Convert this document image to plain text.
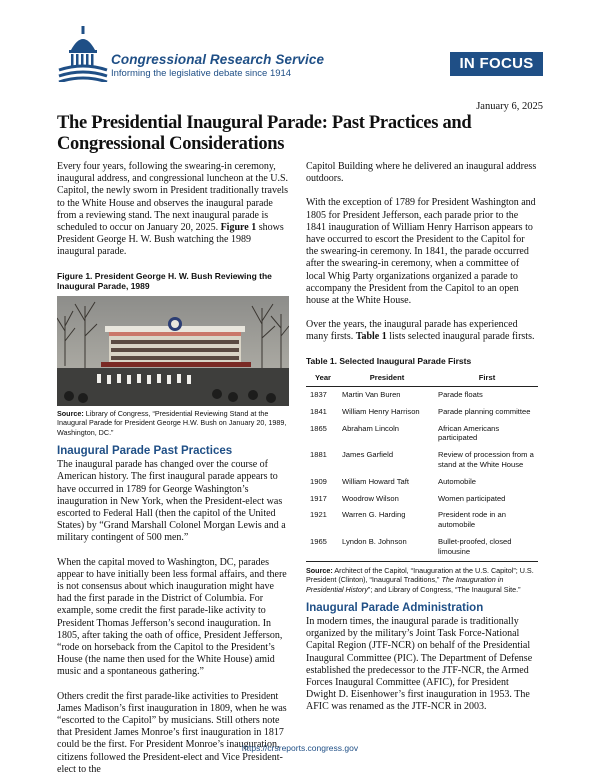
Congressional Research Service
Informing the legislative debate since 1914
IN FOCUS
January 6, 2025
The Presidential Inaugural Parade: Past Practices and Congressional Considerations

Every four years, following the swearing-in ceremony, inaugural address, and congressional luncheon at the U.S. Capitol, the newly sworn in President traditionally travels to the White House and observes the inaugural parade from a reviewing stand. The next inaugural parade is scheduled to occur on January 20, 2025. Figure 1 shows President George H. W. Bush watching the 1989 inaugural parade.

Figure 1. President George H. W. Bush Reviewing the Inaugural Parade, 1989
Source: Library of Congress, “Presidential Reviewing Stand at the Inaugural Parade for President George H.W. Bush on January 20, 1989, Washington, DC.”
Inaugural Parade Past Practices

The inaugural parade has changed over the course of American history. The first inaugural parade appears to have occurred in 1789 for George Washington’s inauguration in New York, when the President-elect was escorted to Federal Hall (then the capitol of the United States) by “Grand Marshall Colonel Morgan Lewis and a military contingent of 500 men.”

When the capital moved to Washington, DC, parades appear to have initially been less formal affairs, and there is not consensus about which inauguration might have had the first parade in the District of Columbia. For example, some credit the first parade-like activity to President Thomas Jefferson’s second inauguration. In 1805, after taking the oath of office, President Jefferson, “rode on horseback from the Capitol to the President’s House (the name then used for the White House) amid music and a spontaneous gathering.”

Others credit the first parade-like activities to President James Madison’s first inauguration in 1809, when he was “escorted to the Capitol” by musicians. Still others note that President James Monroe’s first inauguration in 1817 could be the first. For President Monroe’s inauguration, citizens followed the President-elect and Vice President-elect to the

Capitol Building where he delivered an inaugural address outdoors.

With the exception of 1789 for President Washington and 1805 for President Jefferson, each parade prior to the 1841 inauguration of William Henry Harrison appears to have occurred to escort the President to the Capitol for the swearing-in ceremony. In 1841, the parade occurred after the swearing-in ceremony, when a committee of local Whig Party organizations organized a parade to accompany the President from the Capitol to an open house at the White House.

Over the years, the inaugural parade has experienced many firsts. Table 1 lists selected inaugural parade firsts.

Table 1. Selected Inaugural Parade Firsts
Year	President	First
1837	Martin Van Buren	Parade floats
1841	William Henry Harrison	Parade planning committee
1865	Abraham Lincoln	African Americans participated
1881	James Garfield	Review of procession from a stand at the White House
1909	William Howard Taft	Automobile
1917	Woodrow Wilson	Women participated
1921	Warren G. Harding	President rode in an automobile
1965	Lyndon B. Johnson	Bullet-proofed, closed limousine
Source: Architect of the Capitol, “Inauguration at the U.S. Capitol”; U.S. President (Clinton), “Inaugural Traditions,” The Inauguration in Presidential History”; and Library of Congress, “The Inaugural Site.”
Inaugural Parade Administration

In modern times, the inaugural parade is traditionally organized by the military’s Joint Task Force-National Capital Region (JTF-NCR) on behalf of the Presidential Inaugural Committee (PIC). The Department of Defense established the predecessor to the JTF-NCR, the Armed Forces Inaugural Committee (AFIC), for President Dwight D. Eisenhower’s first inauguration in 1953. The AFIC was renamed as the JTF-NCR in 2003.

https://crsreports.congress.gov
